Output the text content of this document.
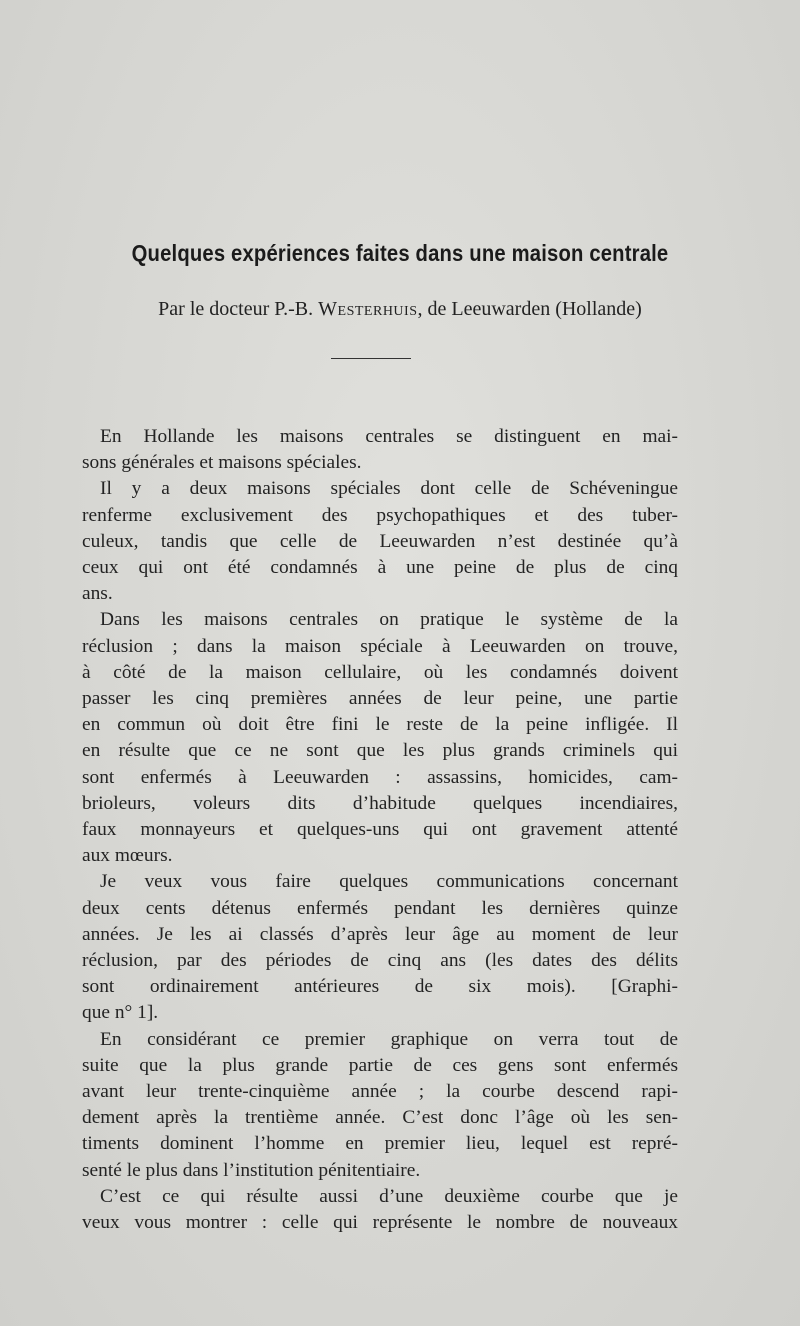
Quelques expériences faites dans une maison centrale
Par le docteur P.-B. Westerhuis, de Leeuwarden (Hollande)
En Hollande les maisons centrales se distinguent en mai-
sons générales et maisons spéciales.
Il y a deux maisons spéciales dont celle de Schéveningue
renferme exclusivement des psychopathiques et des tuber-
culeux, tandis que celle de Leeuwarden n’est destinée qu’à
ceux qui ont été condamnés à une peine de plus de cinq
ans.
Dans les maisons centrales on pratique le système de la
réclusion ; dans la maison spéciale à Leeuwarden on trouve,
à côté de la maison cellulaire, où les condamnés doivent
passer les cinq premières années de leur peine, une partie
en commun où doit être fini le reste de la peine infligée. Il
en résulte que ce ne sont que les plus grands criminels qui
sont enfermés à Leeuwarden : assassins, homicides, cam-
brioleurs, voleurs dits d’habitude quelques incendiaires,
faux monnayeurs et quelques-uns qui ont gravement attenté
aux mœurs.
Je veux vous faire quelques communications concernant
deux cents détenus enfermés pendant les dernières quinze
années. Je les ai classés d’après leur âge au moment de leur
réclusion, par des périodes de cinq ans (les dates des délits
sont ordinairement antérieures de six mois). [Graphi-
que n° 1].
En considérant ce premier graphique on verra tout de
suite que la plus grande partie de ces gens sont enfermés
avant leur trente-cinquième année ; la courbe descend rapi-
dement après la trentième année. C’est donc l’âge où les sen-
timents dominent l’homme en premier lieu, lequel est repré-
senté le plus dans l’institution pénitentiaire.
C’est ce qui résulte aussi d’une deuxième courbe que je
veux vous montrer : celle qui représente le nombre de nouveaux
